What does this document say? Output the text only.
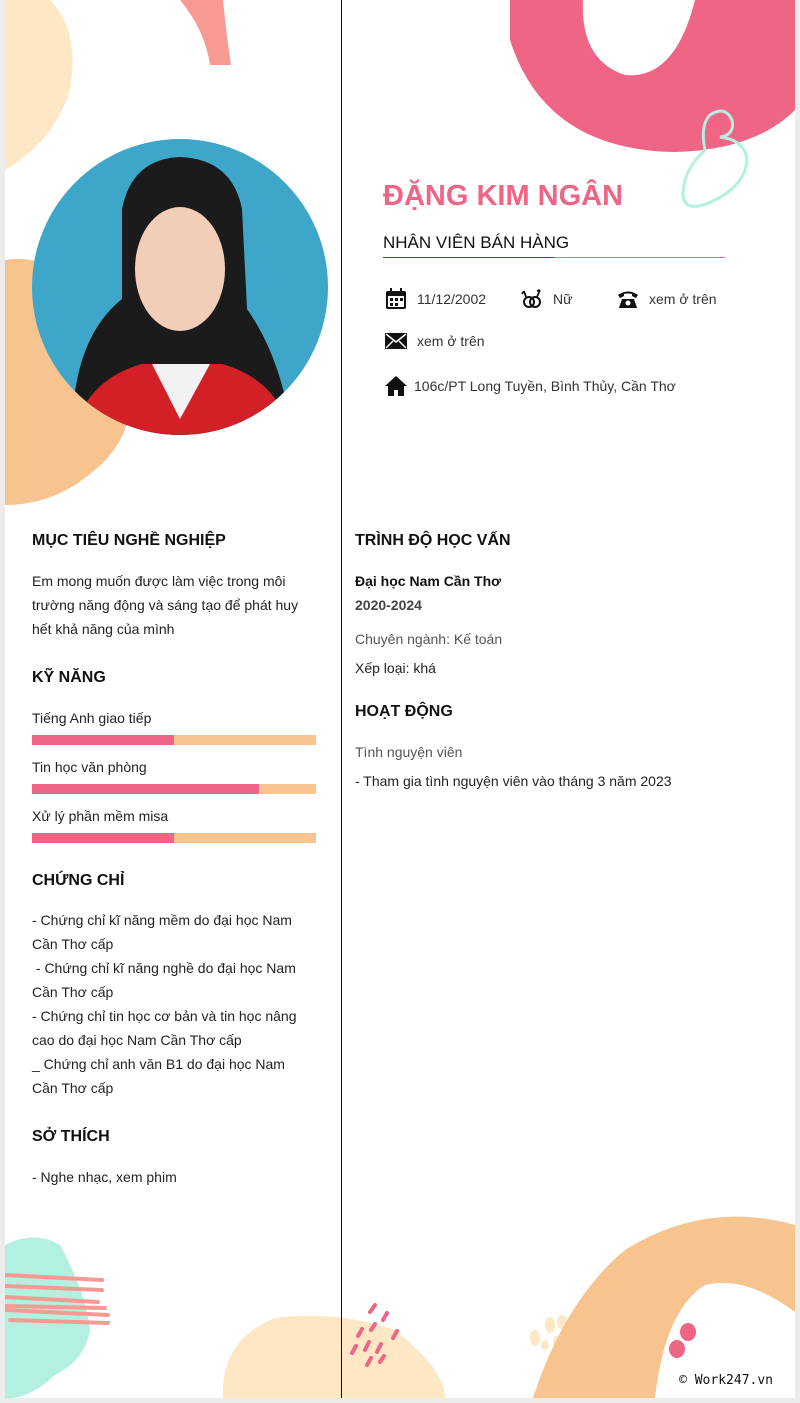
ĐẶNG KIM NGÂN
NHÂN VIÊN BÁN HÀNG
11/12/2002	Nữ	xem ở trên
xem ở trên
106c/PT Long Tuyền, Bình Thủy, Cần Thơ
MỤC TIÊU NGHỀ NGHIỆP
Em mong muốn được làm việc trong môi
trường năng động và sáng tạo để phát huy
hết khả năng của mình
KỸ NĂNG
Tiếng Anh giao tiếp
Tin học văn phòng
Xử lý phần mềm misa
CHỨNG CHỈ
- Chứng chỉ kĩ năng mềm do đại học Nam
Cần Thơ cấp
- Chứng chỉ kĩ năng nghề do đại học Nam
Cần Thơ cấp
- Chứng chỉ tin học cơ bản và tin học nâng
cao do đại học Nam Cần Thơ cấp
_ Chứng chỉ anh văn B1 do đại học Nam
Cần Thơ cấp
SỞ THÍCH
- Nghe nhạc, xem phim
TRÌNH ĐỘ HỌC VẤN
Đại học Nam Cần Thơ
2020-2024
Chuyên ngành: Kế toán
Xếp loại: khá
HOẠT ĐỘNG
Tình nguyện viên
- Tham gia tình nguyện viên vào tháng 3 năm 2023
© Work247.vn
